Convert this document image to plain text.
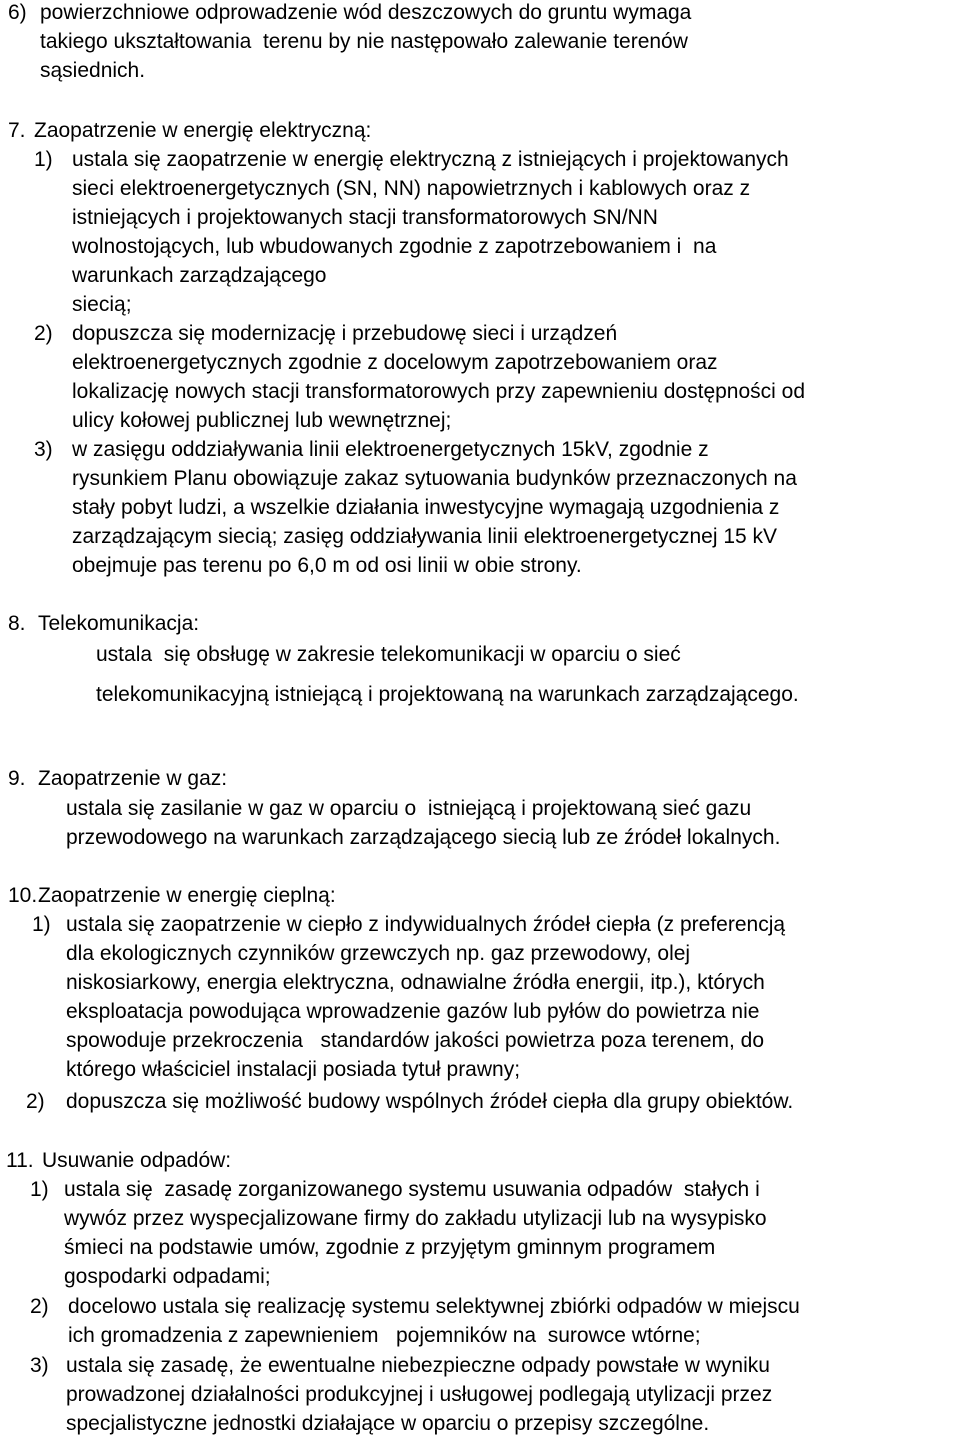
6) powierzchniowe odprowadzenie wód deszczowych do gruntu wymaga

takiego ukształtowania  terenu by nie następowało zalewanie terenów

sąsiednich.

7. Zaopatrzenie w energię elektryczną:

1) ustala się zaopatrzenie w energię elektryczną z istniejących i projektowanych

sieci elektroenergetycznych (SN, NN) napowietrznych i kablowych oraz z

istniejących i projektowanych stacji transformatorowych SN/NN

wolnostojących, lub wbudowanych zgodnie z zapotrzebowaniem i  na

warunkach zarządzającego

siecią;

2) dopuszcza się modernizację i przebudowę sieci i urządzeń

elektroenergetycznych zgodnie z docelowym zapotrzebowaniem oraz

lokalizację nowych stacji transformatorowych przy zapewnieniu dostępności od

ulicy kołowej publicznej lub wewnętrznej;

3) w zasięgu oddziaływania linii elektroenergetycznych 15kV, zgodnie z

rysunkiem Planu obowiązuje zakaz sytuowania budynków przeznaczonych na

stały pobyt ludzi, a wszelkie działania inwestycyjne wymagają uzgodnienia z

zarządzającym siecią; zasięg oddziaływania linii elektroenergetycznej 15 kV

obejmuje pas terenu po 6,0 m od osi linii w obie strony.

8. Telekomunikacja:

ustala  się obsługę w zakresie telekomunikacji w oparciu o sieć

telekomunikacyjną istniejącą i projektowaną na warunkach zarządzającego.

9. Zaopatrzenie w gaz:

ustala się zasilanie w gaz w oparciu o  istniejącą i projektowaną sieć gazu

przewodowego na warunkach zarządzającego siecią lub ze źródeł lokalnych.

10. Zaopatrzenie w energię cieplną:

1) ustala się zaopatrzenie w ciepło z indywidualnych źródeł ciepła (z preferencją

dla ekologicznych czynników grzewczych np. gaz przewodowy, olej

niskosiarkowy, energia elektryczna, odnawialne źródła energii, itp.), których

eksploatacja powodująca wprowadzenie gazów lub pyłów do powietrza nie

spowoduje przekroczenia   standardów jakości powietrza poza terenem, do

którego właściciel instalacji posiada tytuł prawny;

2) dopuszcza się możliwość budowy wspólnych źródeł ciepła dla grupy obiektów.

11. Usuwanie odpadów:

1) ustala się  zasadę zorganizowanego systemu usuwania odpadów  stałych i

wywóz przez wyspecjalizowane firmy do zakładu utylizacji lub na wysypisko

śmieci na podstawie umów, zgodnie z przyjętym gminnym programem

gospodarki odpadami;

2) docelowo ustala się realizację systemu selektywnej zbiórki odpadów w miejscu

ich gromadzenia z zapewnieniem   pojemników na  surowce wtórne;

3) ustala się zasadę, że ewentualne niebezpieczne odpady powstałe w wyniku

prowadzonej działalności produkcyjnej i usługowej podlegają utylizacji przez

specjalistyczne jednostki działające w oparciu o przepisy szczególne.
